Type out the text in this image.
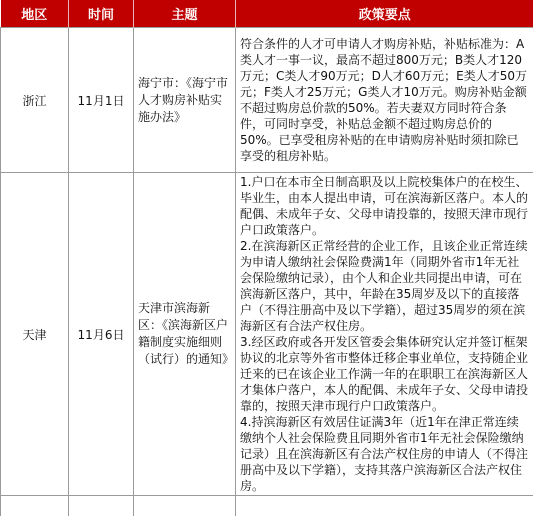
地区	时间	主题	政策要点
浙江	11月1日	海宁市：《海宁市人才购房补贴实施办法》	符合条件的人才可申请人才购房补贴，补贴标准为：A类人才一事一议，最高不超过800万元；B类人才120万元；C类人才90万元；D人才60万元；E类人才50万元；F类人才25万元；G类人才10万元。购房补贴金额不超过购房总价款的50%。若夫妻双方同时符合条件，可同时享受，补贴总金额不超过购房总价的50%。已享受租房补贴的在申请购房补贴时须扣除已享受的租房补贴。

天津	11月6日	天津市滨海新区：《滨海新区户籍制度实施细则（试行）的通知》	1.户口在本市全日制高职及以上院校集体户的在校生、毕业生，由本人提出申请，可在滨海新区落户。本人的配偶、未成年子女、父母申请投靠的，按照天津市现行户口政策落户。
2.在滨海新区正常经营的企业工作，且该企业正常连续为申请人缴纳社会保险费满1年（同期外省市1年无社会保险缴纳记录），由个人和企业共同提出申请，可在滨海新区落户，其中，年龄在35周岁及以下的直接落户（不得注册高中及以下学籍），超过35周岁的须在滨海新区有合法产权住房。
3.经区政府或各开发区管委会集体研究认定并签订框架协议的北京等外省市整体迁移企事业单位，支持随企业迁来的已在该企业工作满一年的在职职工在滨海新区人才集体户落户，本人的配偶、未成年子女、父母申请投靠的，按照天津市现行户口政策落户。
4.持滨海新区有效居住证满3年（近1年在津正常连续缴纳个人社会保险费且同期外省市1年无社会保险缴纳记录）且在滨海新区有合法产权住房的申请人（不得注册高中及以下学籍），支持其落户滨海新区合法产权住房。
